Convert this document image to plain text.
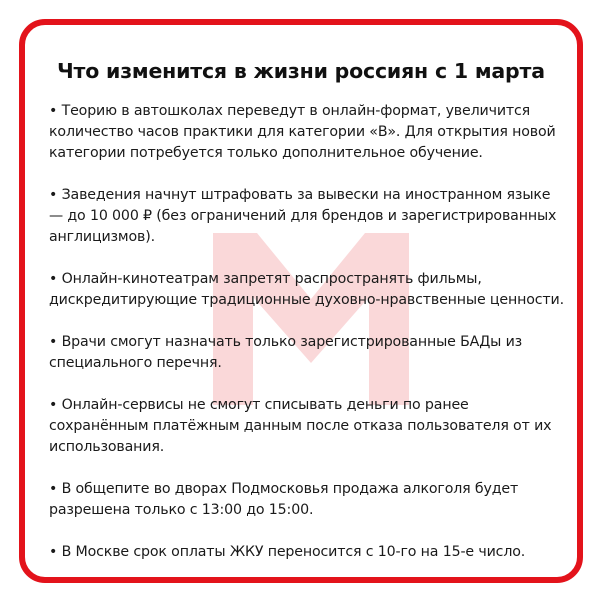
24/7
Что изменится в жизни россиян с 1 марта
• Теорию в автошколах переведут в онлайн-формат, увеличится количество часов практики для категории «В». Для открытия новой категории потребуется только дополнительное обучение.
• Заведения начнут штрафовать за вывески на иностранном языке — до 10 000 ₽ (без ограничений для брендов и зарегистрированных англицизмов).
• Онлайн-кинотеатрам запретят распространять фильмы, дискредитирующие традиционные духовно-нравственные ценности.
• Врачи смогут назначать только зарегистрированные БАДы из специального перечня.
• Онлайн-сервисы не смогут списывать деньги по ранее сохранённым платёжным данным после отказа пользователя от их использования.
• В общепите во дворах Подмосковья продажа алкоголя будет разрешена только с 13:00 до 15:00.
• В Москве срок оплаты ЖКУ переносится с 10-го на 15-е число.
